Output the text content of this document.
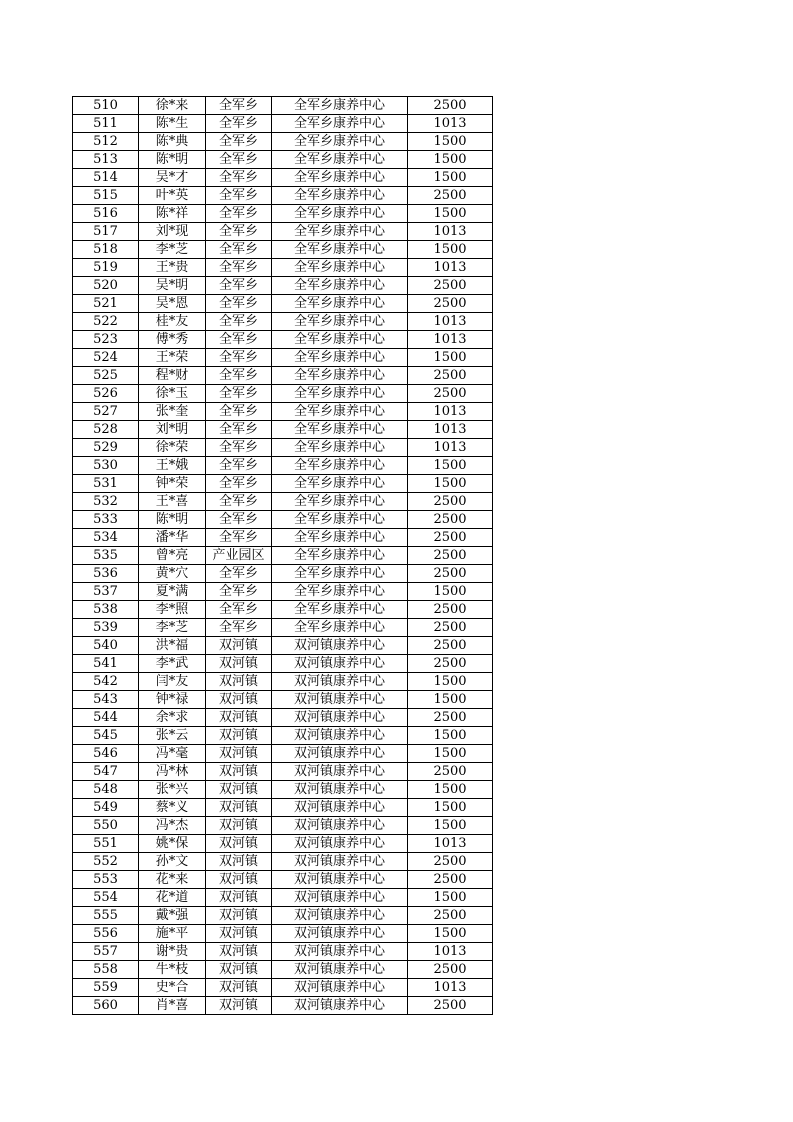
510	徐*来	全军乡	全军乡康养中心	2500
511	陈*生	全军乡	全军乡康养中心	1013
512	陈*典	全军乡	全军乡康养中心	1500
513	陈*明	全军乡	全军乡康养中心	1500
514	吴*才	全军乡	全军乡康养中心	1500
515	叶*英	全军乡	全军乡康养中心	2500
516	陈*祥	全军乡	全军乡康养中心	1500
517	刘*现	全军乡	全军乡康养中心	1013
518	李*芝	全军乡	全军乡康养中心	1500
519	王*贵	全军乡	全军乡康养中心	1013
520	吴*明	全军乡	全军乡康养中心	2500
521	吴*恩	全军乡	全军乡康养中心	2500
522	桂*友	全军乡	全军乡康养中心	1013
523	傅*秀	全军乡	全军乡康养中心	1013
524	王*荣	全军乡	全军乡康养中心	1500
525	程*财	全军乡	全军乡康养中心	2500
526	徐*玉	全军乡	全军乡康养中心	2500
527	张*奎	全军乡	全军乡康养中心	1013
528	刘*明	全军乡	全军乡康养中心	1013
529	徐*荣	全军乡	全军乡康养中心	1013
530	王*娥	全军乡	全军乡康养中心	1500
531	钟*荣	全军乡	全军乡康养中心	1500
532	王*喜	全军乡	全军乡康养中心	2500
533	陈*明	全军乡	全军乡康养中心	2500
534	潘*华	全军乡	全军乡康养中心	2500
535	曾*亮	产业园区	全军乡康养中心	2500
536	黄*穴	全军乡	全军乡康养中心	2500
537	夏*满	全军乡	全军乡康养中心	1500
538	李*照	全军乡	全军乡康养中心	2500
539	李*芝	全军乡	全军乡康养中心	2500
540	洪*福	双河镇	双河镇康养中心	2500
541	李*武	双河镇	双河镇康养中心	2500
542	闫*友	双河镇	双河镇康养中心	1500
543	钟*禄	双河镇	双河镇康养中心	1500
544	余*求	双河镇	双河镇康养中心	2500
545	张*云	双河镇	双河镇康养中心	1500
546	冯*毫	双河镇	双河镇康养中心	1500
547	冯*林	双河镇	双河镇康养中心	2500
548	张*兴	双河镇	双河镇康养中心	1500
549	蔡*义	双河镇	双河镇康养中心	1500
550	冯*杰	双河镇	双河镇康养中心	1500
551	姚*保	双河镇	双河镇康养中心	1013
552	孙*文	双河镇	双河镇康养中心	2500
553	花*来	双河镇	双河镇康养中心	2500
554	花*道	双河镇	双河镇康养中心	1500
555	戴*强	双河镇	双河镇康养中心	2500
556	施*平	双河镇	双河镇康养中心	1500
557	谢*贵	双河镇	双河镇康养中心	1013
558	牛*枝	双河镇	双河镇康养中心	2500
559	史*合	双河镇	双河镇康养中心	1013
560	肖*喜	双河镇	双河镇康养中心	2500
